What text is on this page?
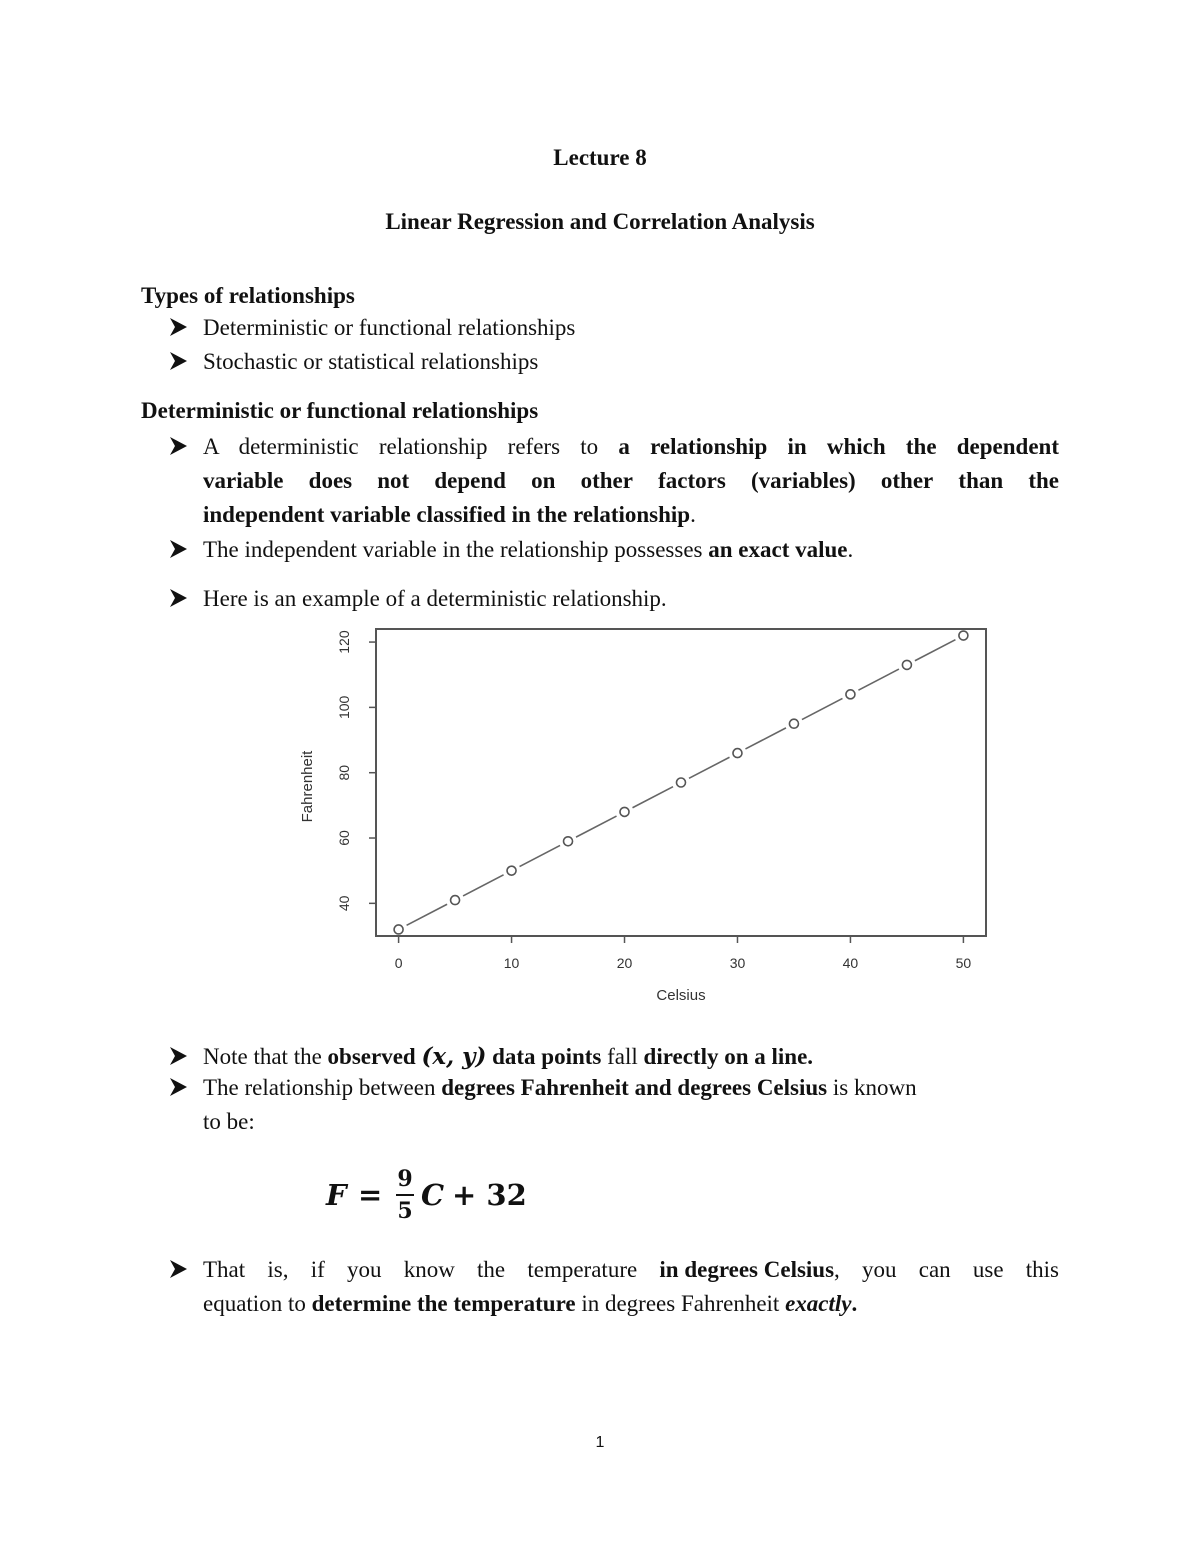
Lecture 8
Linear Regression and Correlation Analysis
Types of relationships
Deterministic or functional relationships
Stochastic or statistical relationships
Deterministic or functional relationships
A deterministic relationship refers to a relationship in which the dependent
variable does not depend on other factors (variables) other than the
independent variable classified in the relationship.
The independent variable in the relationship possesses an exact value.
Here is an example of a deterministic relationship.
0	10	20	30	40	50
40
60
80
100
120
Celsius
Fahrenheit
Note that the observed (x, y) data points fall directly on a line.
The relationship between degrees Fahrenheit and degrees Celsius is known
to be:
F = 9
5 C + 32
That is, if you know the temperature in degrees Celsius, you can use this
equation to determine the temperature in degrees Fahrenheit exactly.
1
